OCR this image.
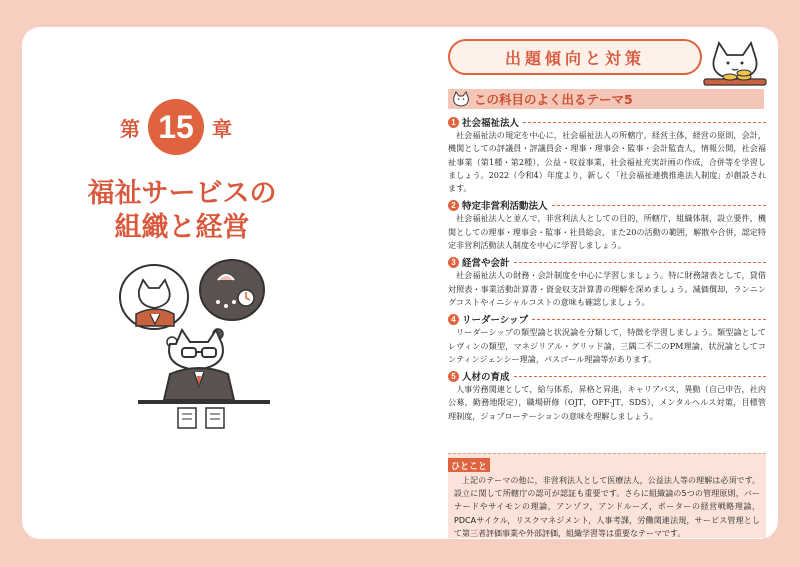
第 15 章
福祉サービスの
組織と経営
出題傾向と対策
この科目のよく出るテーマ5
1 社会福祉法人

社会福祉法の規定を中心に，社会福祉法人の所轄庁，経営主体，経営の原則，会計，機関としての評議員・評議員会・理事・理事会・監事・会計監査人，情報公開，社会福祉事業（第1種・第2種），公益・収益事業，社会福祉充実計画の作成，合併等を学習しましょう。2022（令和4）年度より，新しく「社会福祉連携推進法人制度」が創設されます。

2 特定非営利活動法人

社会福祉法人と並んで，非営利法人としての目的，所轄庁，組織体制，設立要件，機関としての理事・理事会・監事・社員総会，また20の活動の範囲，解散や合併，認定特定非営利活動法人制度を中心に学習しましょう。

3 経営や会計

社会福祉法人の財務・会計制度を中心に学習しましょう。特に財務諸表として，貸借対照表・事業活動計算書・資金収支計算書の理解を深めましょう。減価償却，ランニングコストやイニシャルコストの意味も確認しましょう。

4 リーダーシップ

リーダーシップの類型論と状況論を分類して，特徴を学習しましょう。類型論としてレヴィンの類型，マネジリアル・グリッド論，三隅二不二のPM理論，状況論としてコンティンジェンシー理論，パスゴール理論等があります。

5 人材の育成

人事労務関連として，給与体系，昇格と昇進，キャリアパス，異動（自己申告，社内公募，勤務地限定），職場研修（OJT，OFF-JT，SDS），メンタルヘルス対策，目標管理制度，ジョブローテーションの意味を理解しましょう。

ひとこと

上記のテーマの他に，非営利法人として医療法人，公益法人等の理解は必須です。設立に関して所轄庁の認可が認証も重要です。さらに組織論の5つの管理原則，バーナードやサイモンの理論，アンゾフ，アンドルーズ，ポーターの経営戦略理論，PDCAサイクル，リスクマネジメント，人事考課，労働関連法規，サービス管理として第三者評価事業や外部評価，組織学習等は重要なテーマです。
